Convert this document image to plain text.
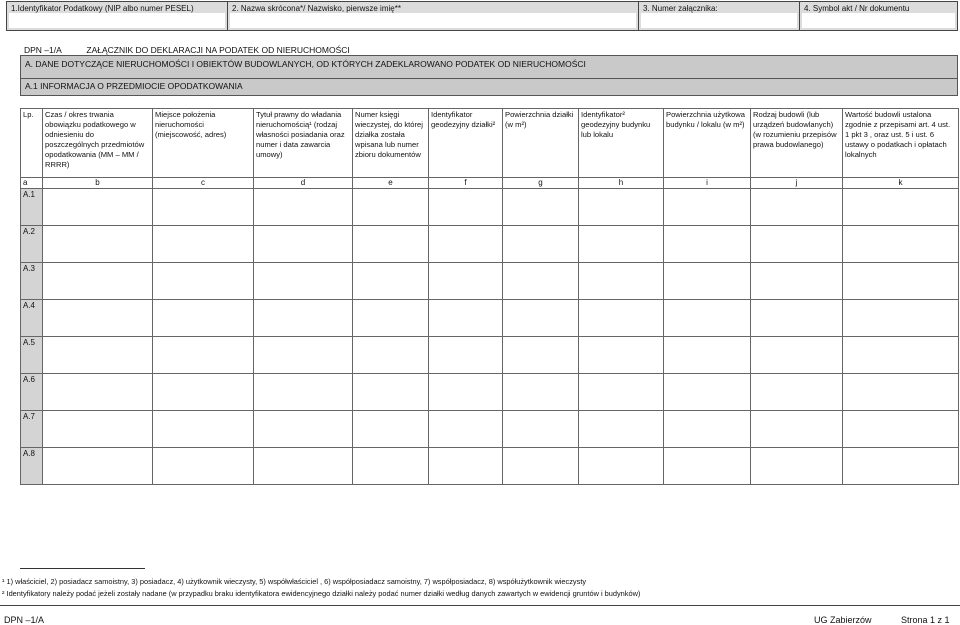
1.Identyfikator Podatkowy (NIP albo numer PESEL)	2. Nazwa skrócona*/ Nazwisko, pierwsze imię**	3. Numer załącznika:	4. Symbol akt / Nr dokumentu
DPN –1/A	ZAŁĄCZNIK DO DEKLARACJI NA PODATEK OD NIERUCHOMOŚCI
A. DANE DOTYCZĄCE NIERUCHOMOŚCI I OBIEKTÓW BUDOWLANYCH, OD KTÓRYCH ZADEKLAROWANO PODATEK OD NIERUCHOMOŚCI
A.1 INFORMACJA O PRZEDMIOCIE OPODATKOWANIA
Lp.	Czas / okres trwania obowiązku podatkowego w odniesieniu do poszczególnych przedmiotów opodatkowania (MM – MM / RRRR)	Miejsce położenia nieruchomości (miejscowość, adres)	Tytuł prawny do władania nieruchomością¹ (rodzaj własności posiadania oraz numer i data zawarcia umowy)	Numer księgi wieczystej, do której działka została wpisana lub numer zbioru dokumentów	Identyfikator geodezyjny działki²	Powierzchnia działki (w m²)	Identyfikator² geodezyjny budynku lub lokalu	Powierzchnia użytkowa budynku / lokalu (w m²)	Rodzaj budowli (lub urządzeń budowlanych) (w rozumieniu przepisów prawa budowlanego)	Wartość budowli ustalona zgodnie z przepisami art. 4 ust. 1 pkt 3 , oraz ust. 5 i ust. 6 ustawy o podatkach i opłatach lokalnych
a	b	c	d	e	f	g	h	i	j	k
A.1										
A.2										
A.3										
A.4										
A.5										
A.6										
A.7										
A.8										
¹ 1) właściciel, 2) posiadacz samoistny, 3) posiadacz, 4) użytkownik wieczysty, 5) współwłaściciel , 6) współposiadacz samoistny, 7) współposiadacz, 8) współużytkownik wieczysty
² Identyfikatory należy podać jeżeli zostały nadane (w przypadku braku identyfikatora ewidencyjnego działki należy podać numer działki według danych zawartych w ewidencji gruntów i budynków)
DPN –1/A	UG Zabierzów	Strona 1 z 1
